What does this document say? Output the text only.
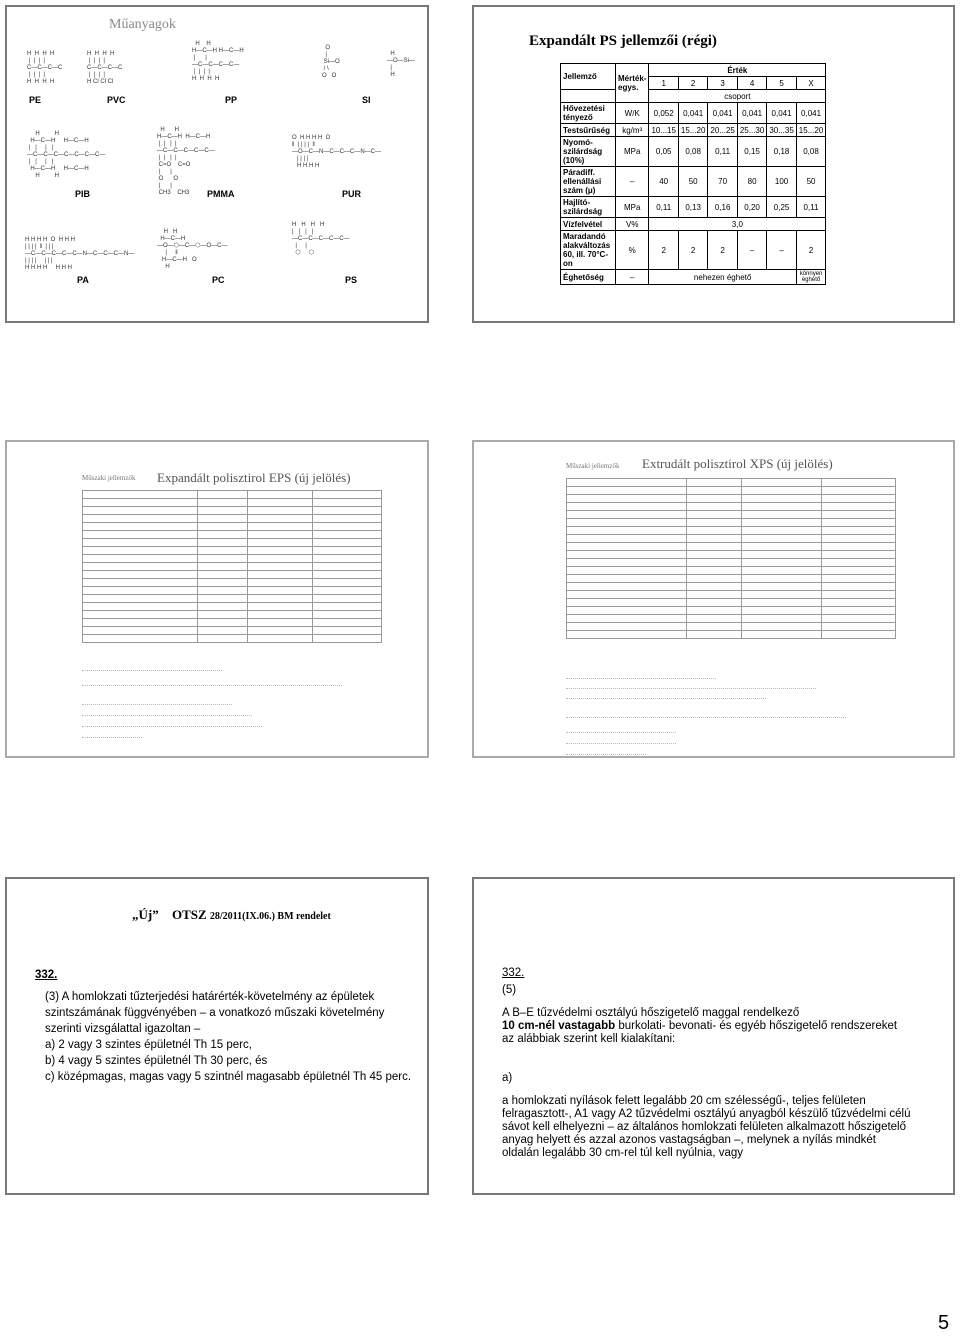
Műanyagok
H  H  H  H
|  |  |  |
C—C—C—C
|  |  |  |
H  H  H  H
H  H  H  H
|  |  |  |
C—C—C—C
|  |  |  |
H Cl Cl Cl
H    H
H—C—H H—C—H
|      |
—C—C—C—C—
|  |  |  |
H  H  H  H
O
|
Si—O
/ \
O   O
H
—O—Si—
|
H
PE	PVC	PP	SI
H         H
H—C—H     H—C—H
|   |     |   |
—C—C—C—C—C—C—C—
|   |     |   |
H—C—H     H—C—H
H         H
H      H
H—C—H  H—C—H
|  |   |  |
—C—C—C—C—C—
|  |   |  |
C=O    C=O
|      |
O      O
|      |
CH3    CH3
O  H H H H  O
‖  | | | |  ‖
—O—C—N—C—C—C—N—C—
| | | |
H H H H
PIB	PMMA	PUR
H H H H  O  H H H
| | | |  ‖  | | |
—C—C—C—C—C—N—C—C—C—N—
| | | |     | | |
H H H H     H H H
H   H
H—C—H
—O—⬡—C—⬡—O—C—
|     ‖
H—C—H   O
H
H   H   H   H
|   |   |   |
—C—C—C—C—C—
|     |
⬡     ⬡
PA	PC	PS
Expandált PS jellemzői (régi)
Jellemző	Mérték-egys.	Érték					
		1	2	3	4	5	X
		csoport					
Hővezetési tényező	W/K	0,052	0,041	0,041	0,041	0,041	0,041
Testsűrűség	kg/m³	10...15	15...20	20...25	25...30	30...35	15...20
Nyomó-szilárdság (10%)	MPa	0,05	0,08	0,11	0,15	0,18	0,08
Páradiff. ellenállási szám (μ)	–	40	50	70	80	100	50
Hajlító-szilárdság	MPa	0,11	0,13	0,16	0,20	0,25	0,11
Vízfelvétel	V%	3,0					
Maradandó alakváltozás 60, ill. 70°C-on	%	2	2	2	–	–	2
Éghetőség	–	nehezen éghető					könnyen éghető
Műszaki jellemzők Expandált polisztirol EPS (új jelölés)

Műszaki jellemzők Extrudált polisztirol XPS (új jelölés)

„Új” OTSZ 28/2011(IX.06.) BM rendelet

332.

(3) A homlokzati tűzterjedési határérték-követelmény az épületek szintszámának függvényében – a vonatkozó műszaki követelmény szerinti vizsgálattal igazoltan –

a) 2 vagy 3 szintes épületnél Th 15 perc,

b) 4 vagy 5 szintes épületnél Th 30 perc, és

c) középmagas, magas vagy 5 szintnél magasabb épületnél Th 45 perc.

332.

(5)

A B–E tűzvédelmi osztályú hőszigetelő maggal rendelkező
10 cm-nél vastagabb burkolati- bevonati- és egyéb hőszigetelő rendszereket az alábbiak szerint kell kialakítani:

a)

a homlokzati nyílások felett legalább 20 cm szélességű-, teljes felületen felragasztott-, A1 vagy A2 tűzvédelmi osztályú anyagból készülő tűzvédelmi célú sávot kell elhelyezni – az általános homlokzati felületen alkalmazott hőszigetelő anyag helyett és azzal azonos vastagságban –, melynek a nyílás mindkét oldalán legalább 30 cm-rel túl kell nyúlnia, vagy

5
